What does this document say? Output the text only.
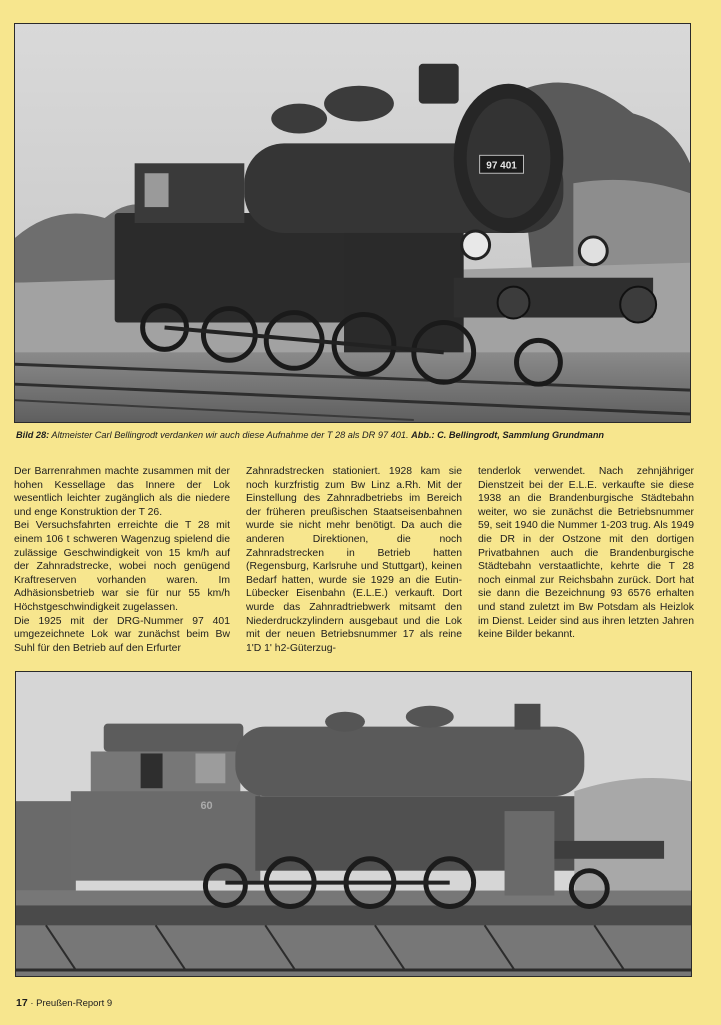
97 401
Bild 28: Altmeister Carl Bellingrodt verdanken wir auch diese Aufnahme der T 28 als DR 97 401. Abb.: C. Bellingrodt, Sammlung Grundmann

Der Barrenrahmen machte zusammen mit der hohen Kessellage das Innere der Lok wesentlich leichter zugänglich als die niedere und enge Konstruktion der T 26.

Bei Versuchsfahrten erreichte die T 28 mit einem 106 t schweren Wagenzug spielend die zulässige Geschwindigkeit von 15 km/h auf der Zahnradstrecke, wobei noch genügend Kraftreserven vorhanden waren. Im Adhäsionsbetrieb war sie für nur 55 km/h Höchstgeschwindigkeit zugelassen.

Die 1925 mit der DRG-Nummer 97 401 umgezeichnete Lok war zunächst beim Bw Suhl für den Betrieb auf den Erfurter

Zahnradstrecken stationiert. 1928 kam sie noch kurzfristig zum Bw Linz a.Rh. Mit der Einstellung des Zahnradbetriebs im Bereich der früheren preußischen Staatseisenbahnen wurde sie nicht mehr benötigt. Da auch die anderen Direktionen, die noch Zahnradstrecken in Betrieb hatten (Regensburg, Karlsruhe und Stuttgart), keinen Bedarf hatten, wurde sie 1929 an die Eutin-Lübecker Eisenbahn (E.L.E.) verkauft. Dort wurde das Zahnradtriebwerk mitsamt den Niederdruckzylindern ausgebaut und die Lok mit der neuen Betriebsnummer 17 als reine 1'D 1' h2-Güterzug-

tenderlok verwendet. Nach zehnjähriger Dienstzeit bei der E.L.E. verkaufte sie diese 1938 an die Brandenburgische Städtebahn weiter, wo sie zunächst die Betriebsnummer 59, seit 1940 die Nummer 1-203 trug. Als 1949 die DR in der Ostzone mit den dortigen Privatbahnen auch die Brandenburgische Städtebahn verstaatlichte, kehrte die T 28 noch einmal zur Reichsbahn zurück. Dort hat sie dann die Bezeichnung 93 6576 erhalten und stand zuletzt im Bw Potsdam als Heizlok im Dienst. Leider sind aus ihren letzten Jahren keine Bilder bekannt.

60
17 · Preußen-Report 9
